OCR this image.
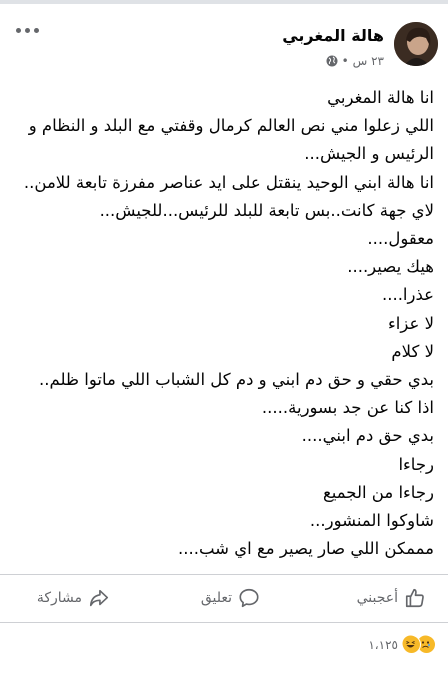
هالة المغربي
٢٣ س
•

انا هالة المغربي

اللي زعلوا مني نص العالم كرمال وقفتي مع البلد و النظام و

الرئيس و الجيش...

انا هالة ابني الوحيد ينقتل على ايد عناصر مفرزة تابعة للامن..

لاي جهة كانت..بس تابعة للبلد للرئيس...للجيش...

معقول....

هيك يصير....

عذرا....

لا عزاء

لا كلام

بدي حقي و حق دم ابني و دم كل الشباب اللي ماتوا ظلم..

اذا كنا عن جد بسورية.....

بدي حق دم ابني....

رجاءا

رجاءا من الجميع

شاوكوا المنشور...

مممكن اللي صار يصير مع اي شب....

أعجبني
تعليق
مشاركة
١،١٢٥
